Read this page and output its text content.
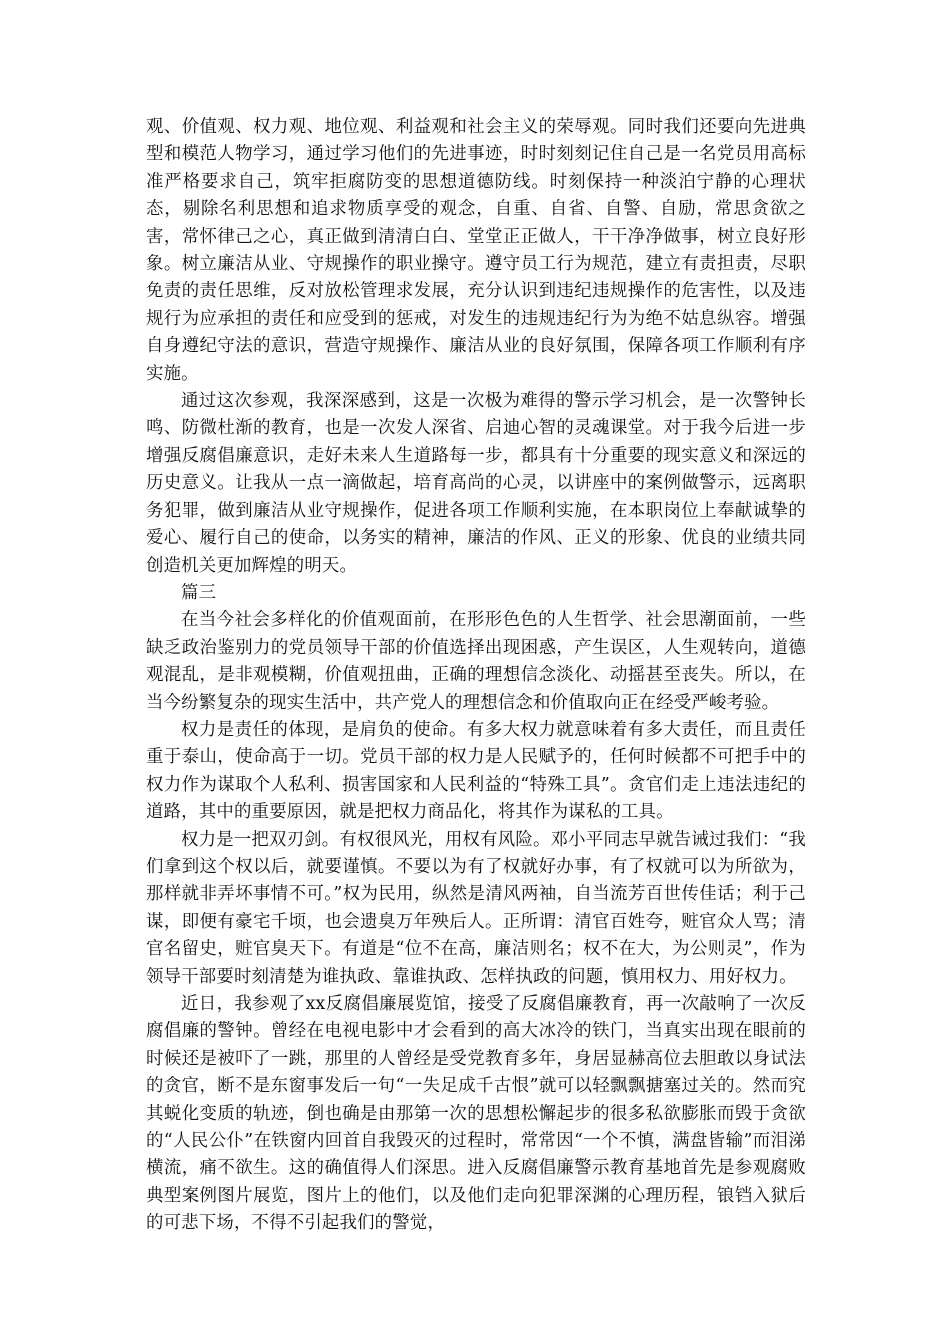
观、价值观、权力观、地位观、利益观和社会主义的荣辱观。同时我们还要向先进典型和模范人物学习，通过学习他们的先进事迹，时时刻刻记住自己是一名党员用高标准严格要求自己，筑牢拒腐防变的思想道德防线。时刻保持一种淡泊宁静的心理状态，剔除名利思想和追求物质享受的观念，自重、自省、自警、自励，常思贪欲之害，常怀律己之心，真正做到清清白白、堂堂正正做人，干干净净做事，树立良好形象。树立廉洁从业、守规操作的职业操守。遵守员工行为规范，建立有责担责，尽职免责的责任思维，反对放松管理求发展，充分认识到违纪违规操作的危害性，以及违规行为应承担的责任和应受到的惩戒，对发生的违规违纪行为为绝不姑息纵容。增强自身遵纪守法的意识，营造守规操作、廉洁从业的良好氛围，保障各项工作顺利有序实施。

通过这次参观，我深深感到，这是一次极为难得的警示学习机会，是一次警钟长鸣、防微杜渐的教育，也是一次发人深省、启迪心智的灵魂课堂。对于我今后进一步增强反腐倡廉意识，走好未来人生道路每一步，都具有十分重要的现实意义和深远的历史意义。让我从一点一滴做起，培育高尚的心灵，以讲座中的案例做警示，远离职务犯罪，做到廉洁从业守规操作，促进各项工作顺利实施，在本职岗位上奉献诚挚的爱心、履行自己的使命，以务实的精神，廉洁的作风、正义的形象、优良的业绩共同创造机关更加辉煌的明天。

篇三

在当今社会多样化的价值观面前，在形形色色的人生哲学、社会思潮面前，一些缺乏政治鉴别力的党员领导干部的价值选择出现困惑，产生误区，人生观转向，道德观混乱，是非观模糊，价值观扭曲，正确的理想信念淡化、动摇甚至丧失。所以，在当今纷繁复杂的现实生活中，共产党人的理想信念和价值取向正在经受严峻考验。

权力是责任的体现，是肩负的使命。有多大权力就意味着有多大责任，而且责任重于泰山，使命高于一切。党员干部的权力是人民赋予的，任何时候都不可把手中的权力作为谋取个人私利、损害国家和人民利益的“特殊工具”。贪官们走上违法违纪的道路，其中的重要原因，就是把权力商品化，将其作为谋私的工具。

权力是一把双刃剑。有权很风光，用权有风险。邓小平同志早就告诫过我们：“我们拿到这个权以后，就要谨慎。不要以为有了权就好办事，有了权就可以为所欲为，那样就非弄坏事情不可。”权为民用，纵然是清风两袖，自当流芳百世传佳话；利于己谋，即便有豪宅千顷，也会遗臭万年殃后人。正所谓：清官百姓夸，赃官众人骂；清官名留史，赃官臭天下。有道是“位不在高，廉洁则名；权不在大，为公则灵”，作为领导干部要时刻清楚为谁执政、靠谁执政、怎样执政的问题，慎用权力、用好权力。

近日，我参观了xx反腐倡廉展览馆，接受了反腐倡廉教育，再一次敲响了一次反腐倡廉的警钟。曾经在电视电影中才会看到的高大冰冷的铁门，当真实出现在眼前的时候还是被吓了一跳，那里的人曾经是受党教育多年，身居显赫高位去胆敢以身试法的贪官，断不是东窗事发后一句“一失足成千古恨”就可以轻飘飘搪塞过关的。然而究其蜕化变质的轨迹，倒也确是由那第一次的思想松懈起步的很多私欲膨胀而毁于贪欲的“人民公仆”在铁窗内回首自我毁灭的过程时，常常因“一个不慎，满盘皆输”而泪涕横流，痛不欲生。这的确值得人们深思。进入反腐倡廉警示教育基地首先是参观腐败典型案例图片展览，图片上的他们，以及他们走向犯罪深渊的心理历程，锒铛入狱后的可悲下场，不得不引起我们的警觉，
